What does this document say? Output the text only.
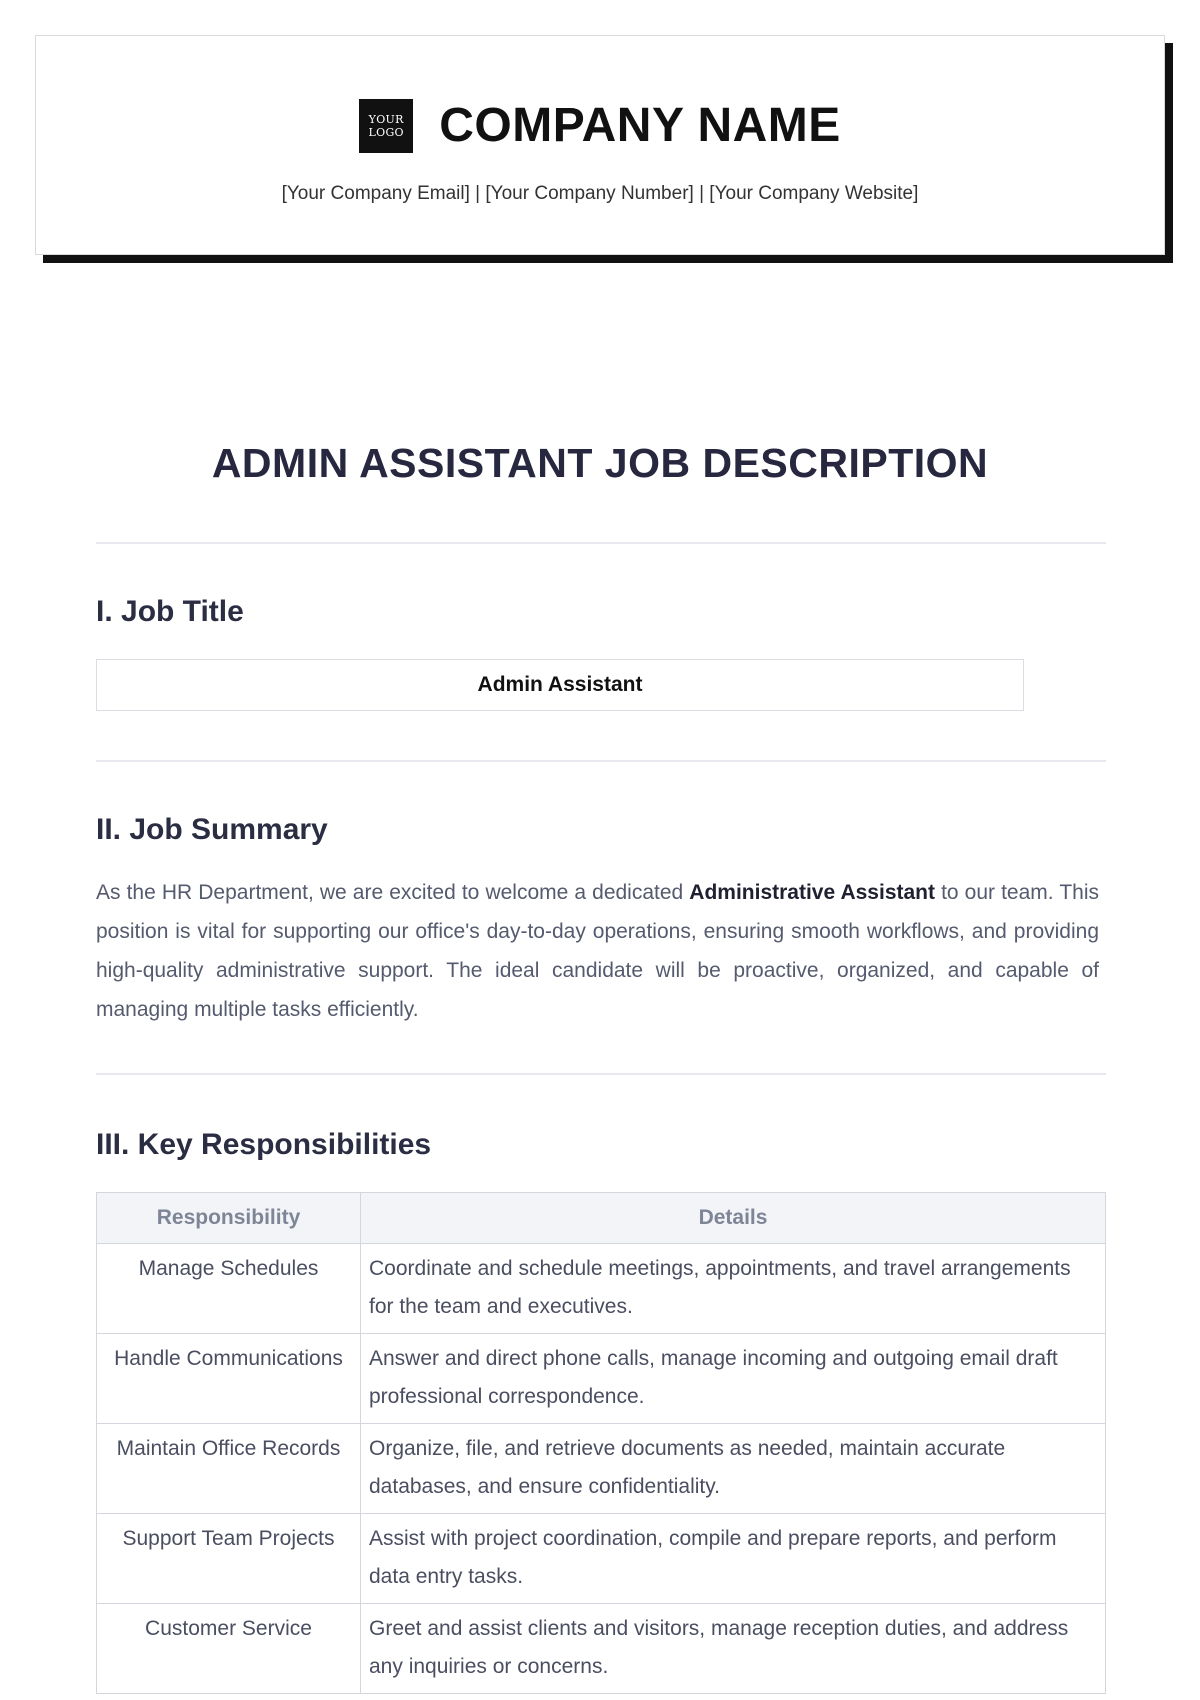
YOUR
LOGO COMPANY NAME
[Your Company Email] | [Your Company Number] | [Your Company Website]
ADMIN ASSISTANT JOB DESCRIPTION
I. Job Title
Admin Assistant
II. Job Summary

As the HR Department, we are excited to welcome a dedicated Administrative Assistant to our team. This position is vital for supporting our office's day-to-day operations, ensuring smooth workflows, and providing high-quality administrative support. The ideal candidate will be proactive, organized, and capable of managing multiple tasks efficiently.

III. Key Responsibilities
Responsibility	Details
Manage Schedules	Coordinate and schedule meetings, appointments, and travel arrangements for the team and executives.
Handle Communications	Answer and direct phone calls, manage incoming and outgoing email draft professional correspondence.
Maintain Office Records	Organize, file, and retrieve documents as needed, maintain accurate databases, and ensure confidentiality.
Support Team Projects	Assist with project coordination, compile and prepare reports, and perform data entry tasks.
Customer Service	Greet and assist clients and visitors, manage reception duties, and address any inquiries or concerns.
